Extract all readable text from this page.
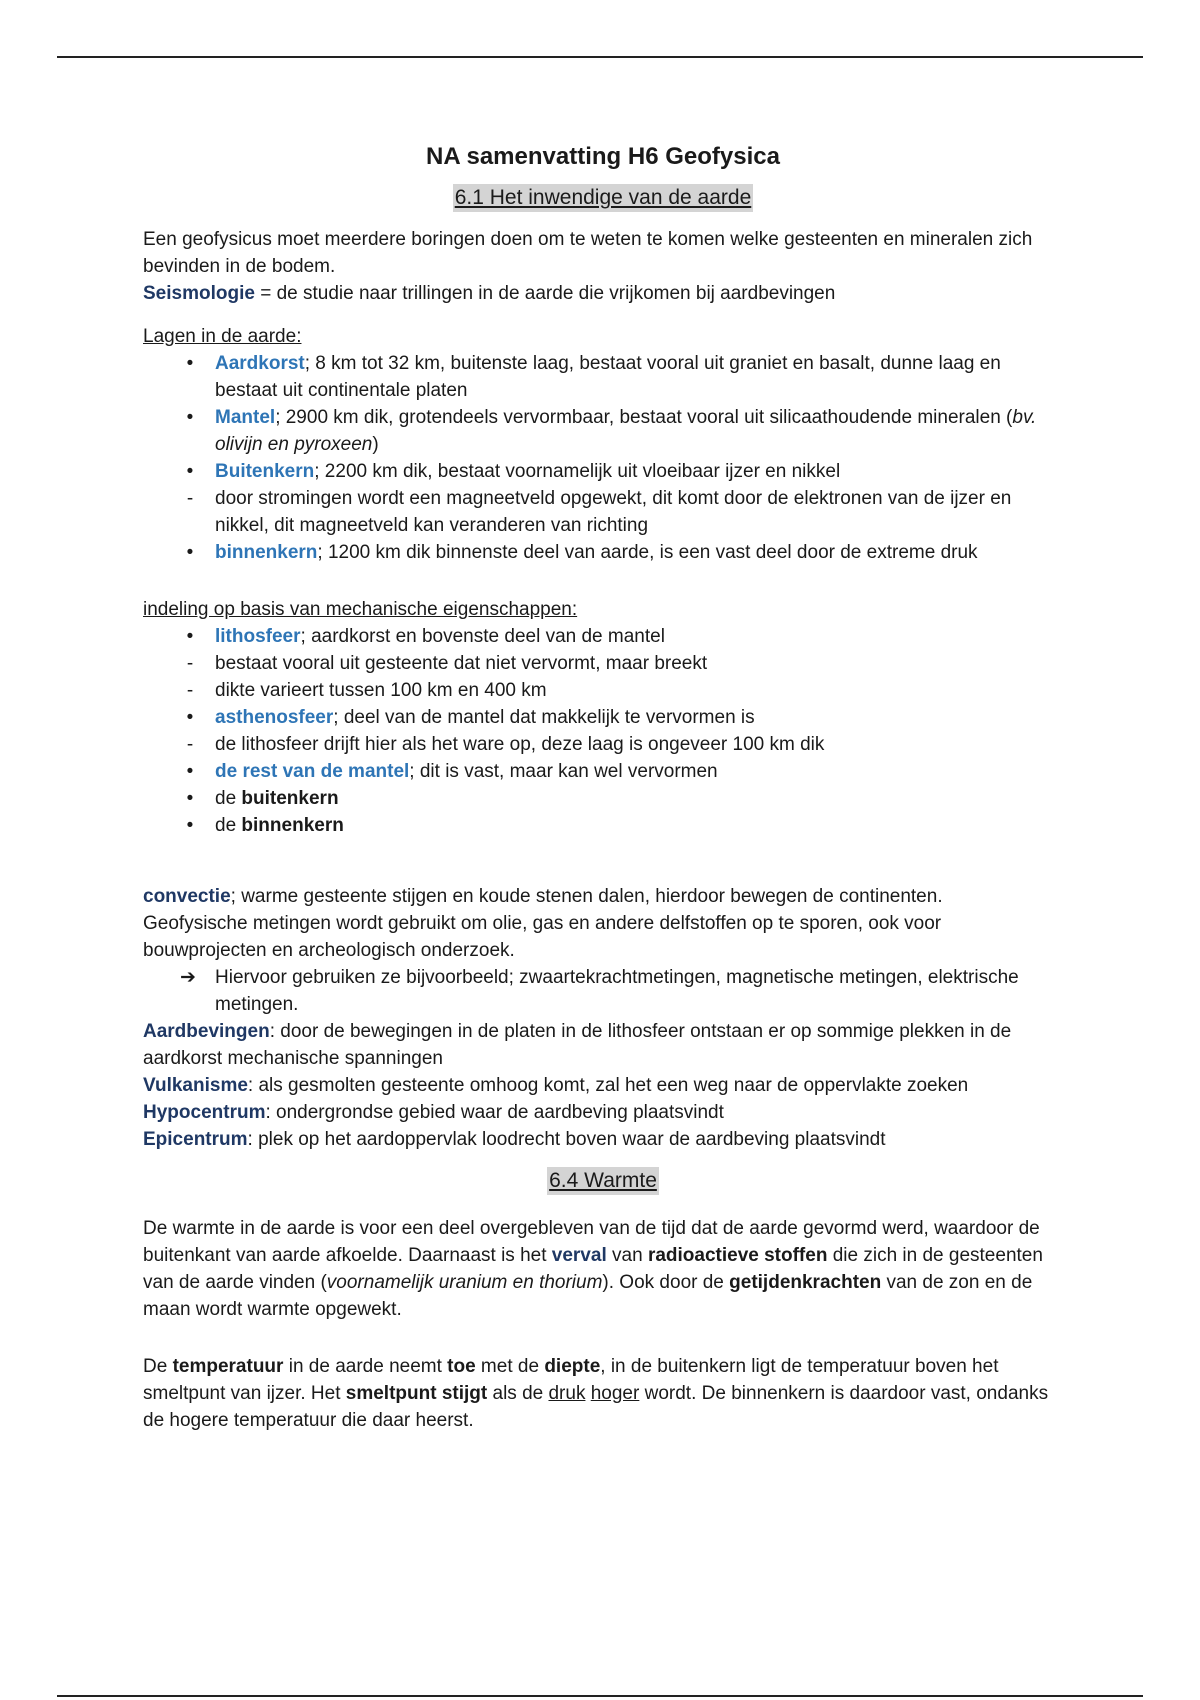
NA samenvatting H6 Geofysica
6.1 Het inwendige van de aarde

Een geofysicus moet meerdere boringen doen om te weten te komen welke gesteenten en mineralen zich bevinden in de bodem.

Seismologie = de studie naar trillingen in de aarde die vrijkomen bij aardbevingen

Lagen in de aarde:

•	Aardkorst; 8 km tot 32 km, buitenste laag, bestaat vooral uit graniet en basalt, dunne laag en bestaat uit continentale platen
•	Mantel; 2900 km dik, grotendeels vervormbaar, bestaat vooral uit silicaathoudende mineralen (bv. olivijn en pyroxeen)
•	Buitenkern; 2200 km dik, bestaat voornamelijk uit vloeibaar ijzer en nikkel
-	door stromingen wordt een magneetveld opgewekt, dit komt door de elektronen van de ijzer en nikkel, dit magneetveld kan veranderen van richting
•	binnenkern; 1200 km dik binnenste deel van aarde, is een vast deel door de extreme druk

indeling op basis van mechanische eigenschappen:

•	lithosfeer; aardkorst en bovenste deel van de mantel
-	bestaat vooral uit gesteente dat niet vervormt, maar breekt
-	dikte varieert tussen 100 km en 400 km
•	asthenosfeer; deel van de mantel dat makkelijk te vervormen is
-	de lithosfeer drijft hier als het ware op, deze laag is ongeveer 100 km dik
•	de rest van de mantel; dit is vast, maar kan wel vervormen
•	de buitenkern
•	de binnenkern

convectie; warme gesteente stijgen en koude stenen dalen, hierdoor bewegen de continenten.

Geofysische metingen wordt gebruikt om olie, gas en andere delfstoffen op te sporen, ook voor bouwprojecten en archeologisch onderzoek.

➔ Hiervoor gebruiken ze bijvoorbeeld; zwaartekrachtmetingen, magnetische metingen, elektrische metingen.

Aardbevingen: door de bewegingen in de platen in de lithosfeer ontstaan er op sommige plekken in de aardkorst mechanische spanningen

Vulkanisme: als gesmolten gesteente omhoog komt, zal het een weg naar de oppervlakte zoeken

Hypocentrum: ondergrondse gebied waar de aardbeving plaatsvindt

Epicentrum: plek op het aardoppervlak loodrecht boven waar de aardbeving plaatsvindt

6.4 Warmte

De warmte in de aarde is voor een deel overgebleven van de tijd dat de aarde gevormd werd, waardoor de buitenkant van aarde afkoelde. Daarnaast is het verval van radioactieve stoffen die zich in de gesteenten van de aarde vinden (voornamelijk uranium en thorium). Ook door de getijdenkrachten van de zon en de maan wordt warmte opgewekt.

De temperatuur in de aarde neemt toe met de diepte, in de buitenkern ligt de temperatuur boven het smeltpunt van ijzer. Het smeltpunt stijgt als de druk hoger wordt. De binnenkern is daardoor vast, ondanks de hogere temperatuur die daar heerst.
